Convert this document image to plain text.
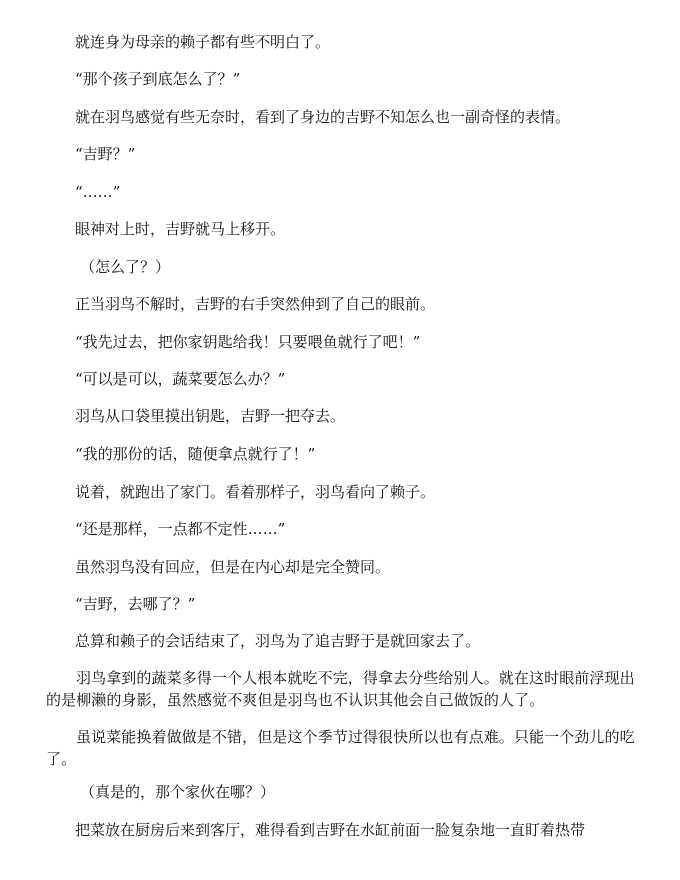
就连身为母亲的赖子都有些不明白了。

“那个孩子到底怎么了？”

就在羽鸟感觉有些无奈时，看到了身边的吉野不知怎么也一副奇怪的表情。

“吉野？”

“……”

眼神对上时，吉野就马上移开。

（怎么了？）

正当羽鸟不解时，吉野的右手突然伸到了自己的眼前。

“我先过去，把你家钥匙给我！只要喂鱼就行了吧！”

“可以是可以，蔬菜要怎么办？”

羽鸟从口袋里摸出钥匙，吉野一把夺去。

“我的那份的话，随便拿点就行了！”

说着，就跑出了家门。看着那样子，羽鸟看向了赖子。

“还是那样，一点都不定性……”

虽然羽鸟没有回应，但是在内心却是完全赞同。

“吉野，去哪了？”

总算和赖子的会话结束了，羽鸟为了追吉野于是就回家去了。

羽鸟拿到的蔬菜多得一个人根本就吃不完，得拿去分些给别人。就在这时眼前浮现出的是柳濑的身影，虽然感觉不爽但是羽鸟也不认识其他会自己做饭的人了。

虽说菜能换着做做是不错，但是这个季节过得很快所以也有点难。只能一个劲儿的吃了。

（真是的，那个家伙在哪？）

把菜放在厨房后来到客厅，难得看到吉野在水缸前面一脸复杂地一直盯着热带
